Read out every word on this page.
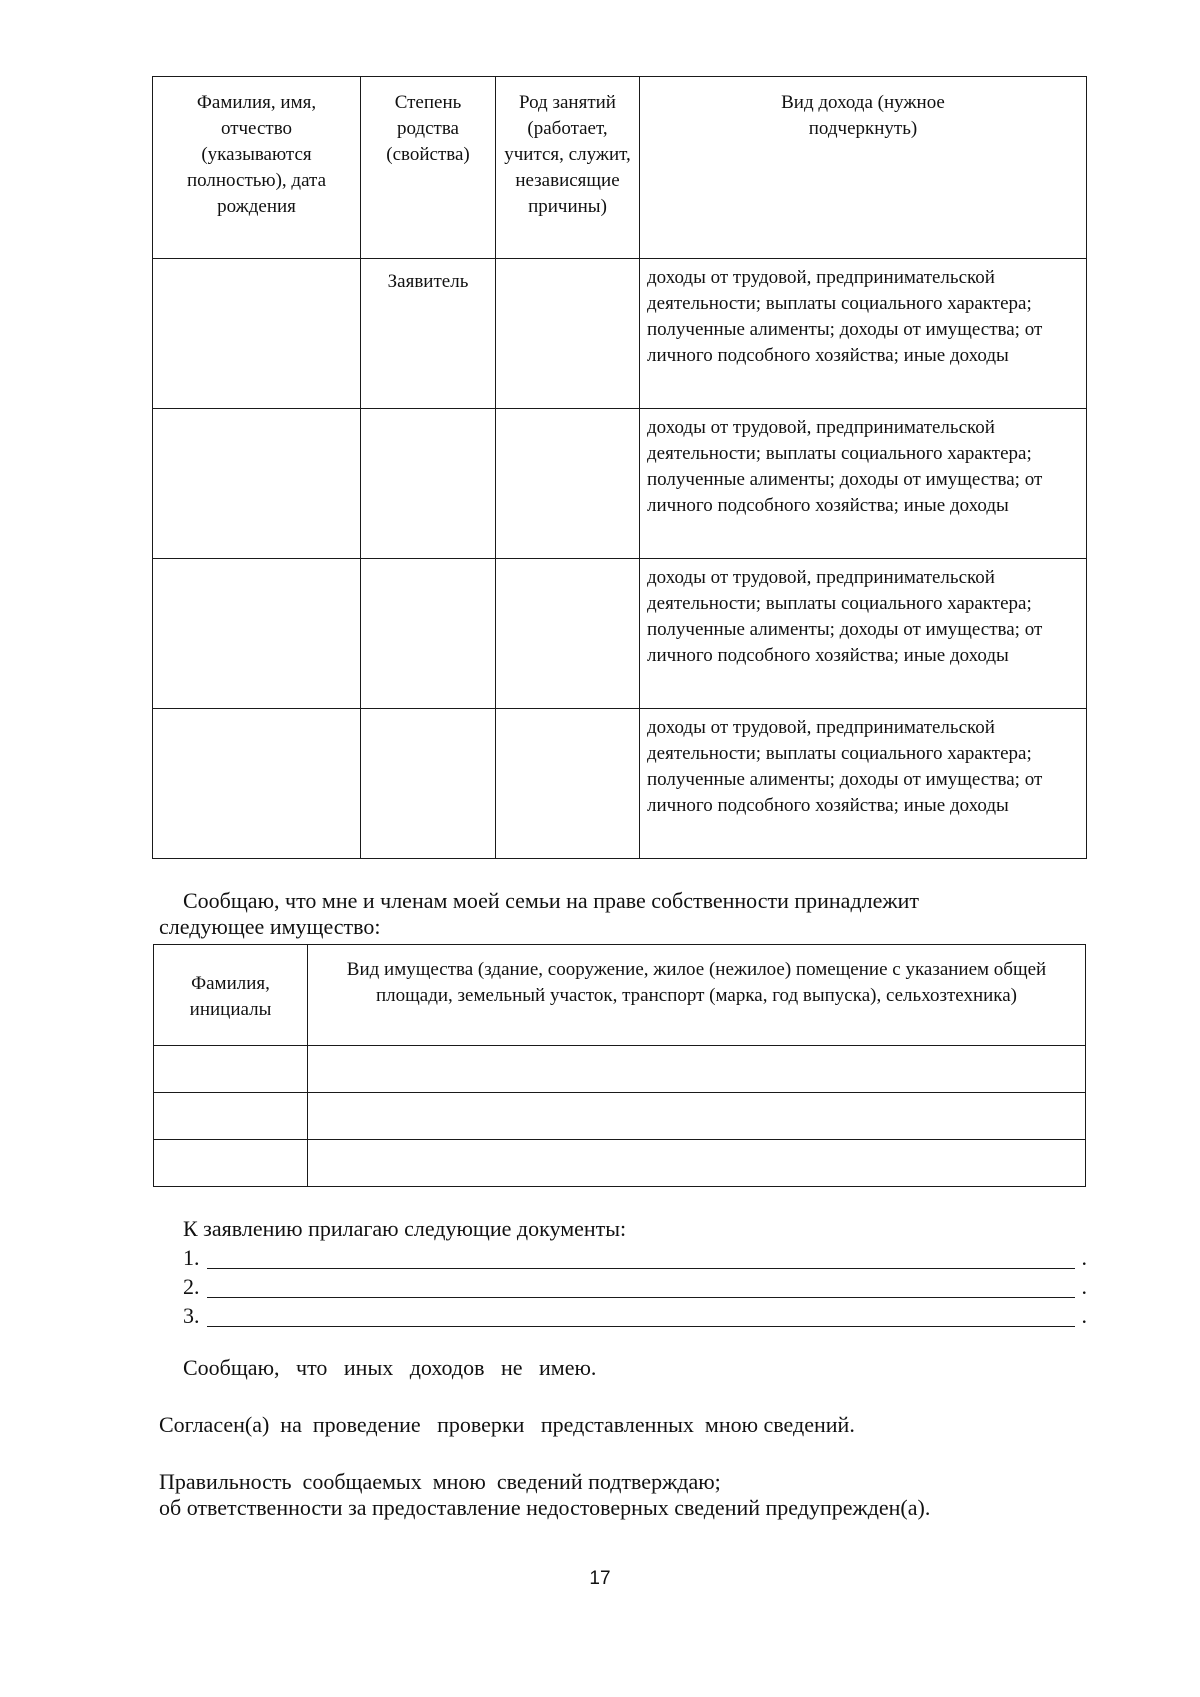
Фамилия, имя, отчество (указываются полностью), дата рождения	Степень родства (свойства)	Род занятий (работает, учится, служит, независящие причины)	Вид дохода (нужное подчеркнуть)
	Заявитель		доходы от трудовой, предпринимательской деятельности; выплаты социального характера; полученные алименты; доходы от имущества; от личного подсобного хозяйства; иные доходы
			доходы от трудовой, предпринимательской деятельности; выплаты социального характера; полученные алименты; доходы от имущества; от личного подсобного хозяйства; иные доходы
			доходы от трудовой, предпринимательской деятельности; выплаты социального характера; полученные алименты; доходы от имущества; от личного подсобного хозяйства; иные доходы
			доходы от трудовой, предпринимательской деятельности; выплаты социального характера; полученные алименты; доходы от имущества; от личного подсобного хозяйства; иные доходы
Сообщаю, что мне и членам моей семьи на праве собственности принадлежит
следующее имущество:
Фамилия, инициалы	Вид имущества (здание, сооружение, жилое (нежилое) помещение с указанием общей площади, земельный участок, транспорт (марка, год выпуска), сельхозтехника)

К заявлению прилагаю следующие документы:
1.	.
2.	.
3.	.
Сообщаю,   что   иных   доходов   не   имею.
Согласен(а)  на  проведение   проверки   представленных  мною сведений.
Правильность  сообщаемых  мною  сведений подтверждаю;
об ответственности за предоставление недостоверных сведений предупрежден(а).
17
